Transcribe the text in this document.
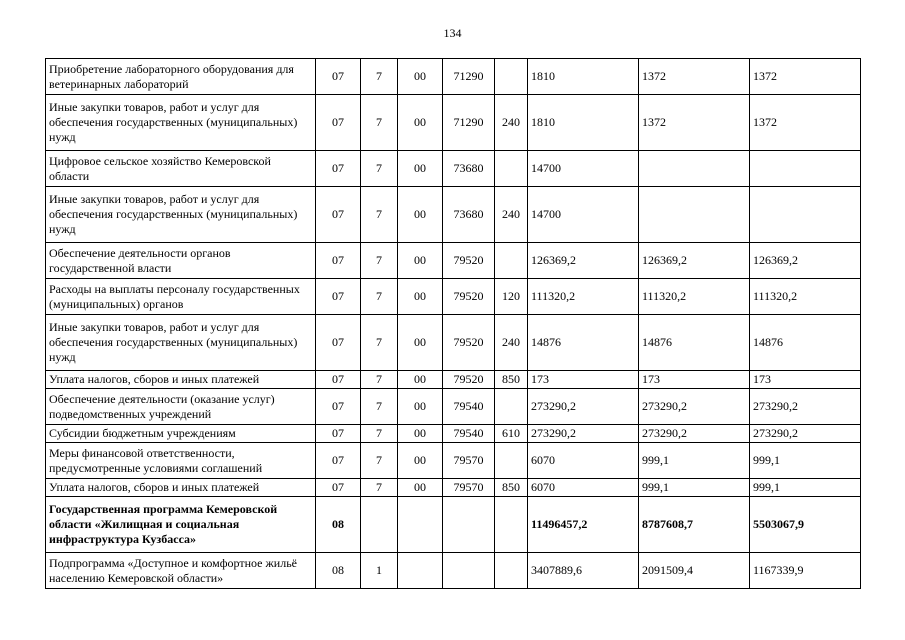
134
Приобретение лабораторного оборудования для ветеринарных лабораторий	07	7	00	71290		1810	1372	1372
Иные закупки товаров, работ и услуг для обеспечения государственных (муниципальных) нужд	07	7	00	71290	240	1810	1372	1372
Цифровое сельское хозяйство Кемеровской области	07	7	00	73680		14700		
Иные закупки товаров, работ и услуг для обеспечения государственных (муниципальных) нужд	07	7	00	73680	240	14700		
Обеспечение деятельности органов государственной власти	07	7	00	79520		126369,2	126369,2	126369,2
Расходы на выплаты персоналу государственных (муниципальных) органов	07	7	00	79520	120	111320,2	111320,2	111320,2
Иные закупки товаров, работ и услуг для обеспечения государственных (муниципальных) нужд	07	7	00	79520	240	14876	14876	14876
Уплата налогов, сборов и иных платежей	07	7	00	79520	850	173	173	173
Обеспечение деятельности (оказание услуг) подведомственных учреждений	07	7	00	79540		273290,2	273290,2	273290,2
Субсидии бюджетным учреждениям	07	7	00	79540	610	273290,2	273290,2	273290,2
Меры финансовой ответственности, предусмотренные условиями соглашений	07	7	00	79570		6070	999,1	999,1
Уплата налогов, сборов и иных платежей	07	7	00	79570	850	6070	999,1	999,1
Государственная программа Кемеровской области «Жилищная и социальная инфраструктура Кузбасса»	08					11496457,2	8787608,7	5503067,9
Подпрограмма «Доступное и комфортное жильё населению Кемеровской области»	08	1				3407889,6	2091509,4	1167339,9
